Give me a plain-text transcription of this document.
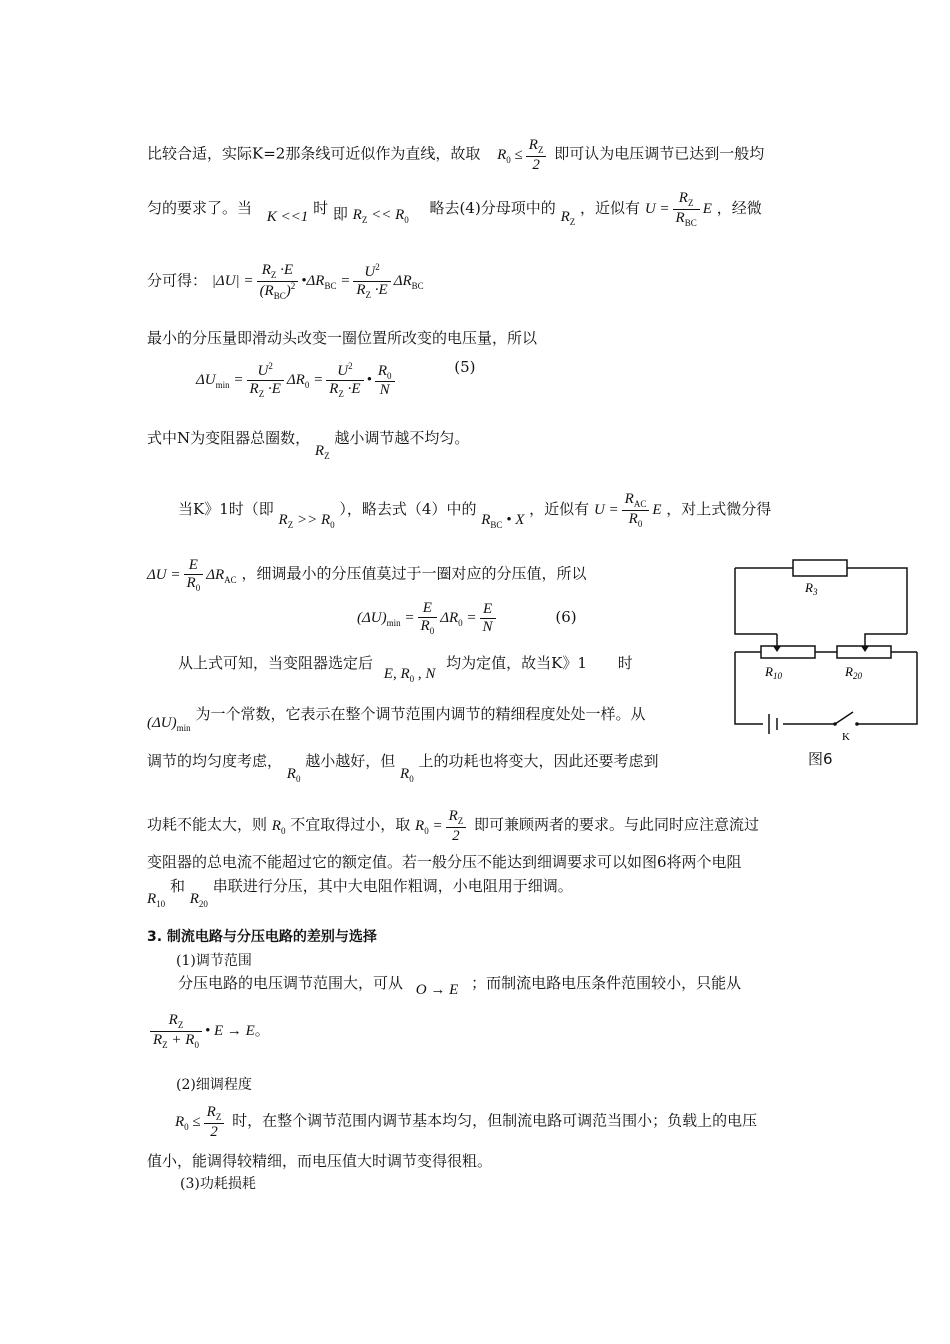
比较合适，实际K=2那条线可近似作为直线，故取 $R_0 \le \frac{R_Z}{2}$ 即可认为电压调节已达到一般均
匀的要求了。当 K <<1 时 即 $R_Z << R_0$ 略去(4)分母项中的 $R_Z$ ，近似有 $U = \frac{R_Z}{R_{BC}}$ E ，经微
分可得： $|\Delta U| = \frac{R_Z \cdot E}{(R_{BC})^2}$ $•\Delta R_{BC} = \frac{U^2}{R_Z \cdot E} \Delta R_{BC}$
最小的分压量即滑动头改变一圈位置所改变的电压量，所以
$\Delta U_{min} = \frac{U^2}{R_Z \cdot E} \Delta R_0 = \frac{U^2}{R_Z \cdot E}$ • $\frac{R_0}{N}$	(5)
式中N为变阻器总圈数， $R_Z$ 越小调节越不均匀。
当K》1时（即 $R_Z >> R_0$ ），略去式（4）中的 $R_{BC}$ • X ，近似有 $U = \frac{R_{AC}}{R_0}$ E ，对上式微分得
$\Delta U = \frac{E}{R_0} \Delta R_{AC}$ ，细调最小的分压值莫过于一圈对应的分压值，所以
$(\Delta U)_{min} = \frac{E}{R_0} \Delta R_0 = \frac{E}{N}$	(6)
从上式可知，当变阻器选定后 E, $R_0$ , N 均为定值，故当K》1 时
$(\Delta U)_{min}$ 为一个常数，它表示在整个调节范围内调节的精细程度处处一样。从
调节的均匀度考虑， $R_0$ 越小越好，但 $R_0$ 上的功耗也将变大，因此还要考虑到
功耗不能太大，则 $R_0$ 不宜取得过小，取 $R_0 = \frac{R_Z}{2}$ 即可兼顾两者的要求。与此同时应注意流过
变阻器的总电流不能超过它的额定值。若一般分压不能达到细调要求可以如图6将两个电阻
$R_{10}$ 和 $R_{20}$ 串联进行分压，其中大电阻作粗调，小电阻用于细调。
$R_3$
$R_{10}$	$R_{20}$
K
图6
3. 制流电路与分压电路的差别与选择
(1)调节范围
分压电路的电压调节范围大，可从 O → E ；而制流电路电压条件范围较小，只能从
$\frac{R_Z}{R_Z + R_0}$ • E → E。
(2)细调程度
$R_0 \le \frac{R_Z}{2}$ 时，在整个调节范围内调节基本均匀，但制流电路可调范当围小；负载上的电压
值小，能调得较精细，而电压值大时调节变得很粗。
(3)功耗损耗
